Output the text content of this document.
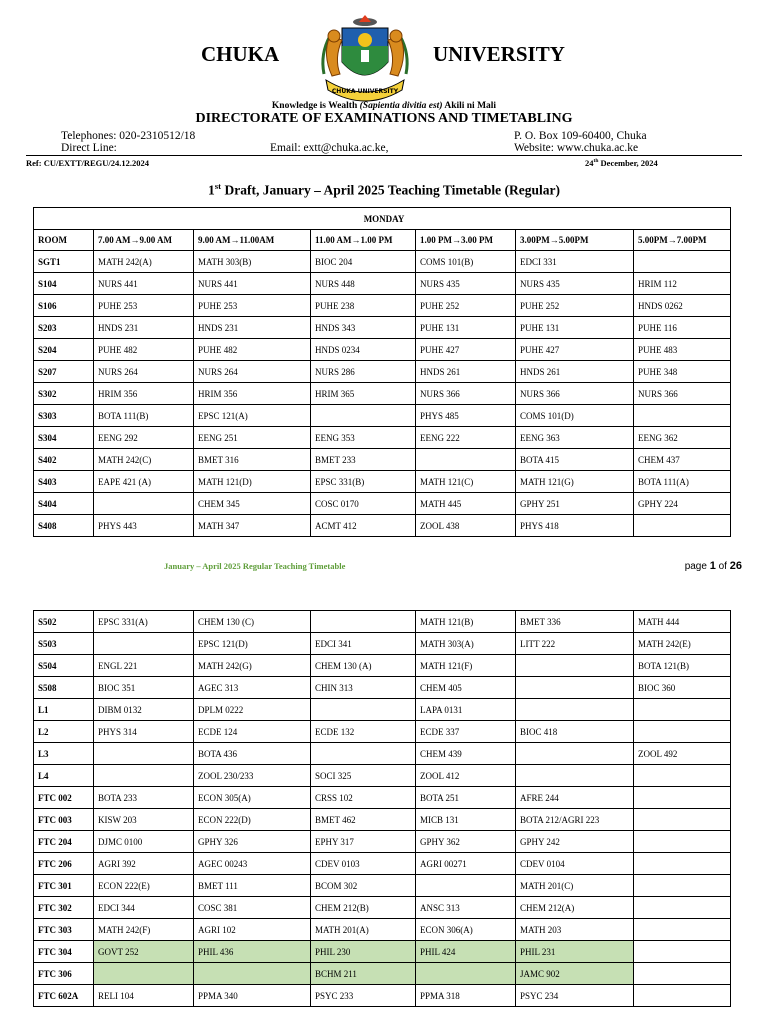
CHUKA
CHUKA UNIVERSITY
UNIVERSITY
Knowledge is Wealth (Sapientia divitia est) Akili ni Mali
DIRECTORATE OF EXAMINATIONS AND TIMETABLING
Telephones: 020-2310512/18
Direct Line:	Email: extt@chuka.ac.ke,
P. O. Box 109-60400, Chuka
Website: www.chuka.ac.ke
Ref: CU/EXTT/REGU/24.12.2024	24th December, 2024
1st Draft, January – April 2025 Teaching Timetable (Regular)
MONDAY						
ROOM	7.00 AM→9.00 AM	9.00 AM→11.00AM	11.00 AM→1.00 PM	1.00 PM→3.00 PM	3.00PM→5.00PM	5.00PM→7.00PM
SGT1	MATH 242(A)	MATH 303(B)	BIOC 204	COMS 101(B)	EDCI 331	
S104	NURS 441	NURS 441	NURS 448	NURS 435	NURS 435	HRIM 112
S106	PUHE 253	PUHE 253	PUHE 238	PUHE 252	PUHE 252	HNDS 0262
S203	HNDS 231	HNDS 231	HNDS 343	PUHE 131	PUHE 131	PUHE 116
S204	PUHE 482	PUHE 482	HNDS 0234	PUHE 427	PUHE 427	PUHE 483
S207	NURS 264	NURS 264	NURS 286	HNDS 261	HNDS 261	PUHE 348
S302	HRIM 356	HRIM 356	HRIM 365	NURS 366	NURS 366	NURS 366
S303	BOTA 111(B)	EPSC 121(A)		PHYS 485	COMS 101(D)	
S304	EENG 292	EENG 251	EENG 353	EENG 222	EENG 363	EENG 362
S402	MATH 242(C)	BMET 316	BMET 233		BOTA 415	CHEM 437
S403	EAPE 421 (A)	MATH 121(D)	EPSC 331(B)	MATH 121(C)	MATH 121(G)	BOTA 111(A)
S404		CHEM 345	COSC 0170	MATH 445	GPHY 251	GPHY 224
S408	PHYS 443	MATH 347	ACMT 412	ZOOL 438	PHYS 418	
January – April 2025 Regular Teaching Timetable	page 1 of 26
S502	EPSC 331(A)	CHEM 130 (C)		MATH 121(B)	BMET 336	MATH 444
S503		EPSC 121(D)	EDCI 341	MATH 303(A)	LITT 222	MATH 242(E)
S504	ENGL 221	MATH 242(G)	CHEM 130 (A)	MATH 121(F)		BOTA 121(B)
S508	BIOC 351	AGEC 313	CHIN 313	CHEM 405		BIOC 360
L1	DIBM 0132	DPLM 0222		LAPA 0131		
L2	PHYS 314	ECDE 124	ECDE 132	ECDE 337	BIOC 418	
L3		BOTA 436		CHEM 439		ZOOL 492
L4		ZOOL 230/233	SOCI 325	ZOOL 412		
FTC 002	BOTA 233	ECON 305(A)	CRSS 102	BOTA 251	AFRE 244	
FTC 003	KISW 203	ECON 222(D)	BMET 462	MICB 131	BOTA 212/AGRI 223	
FTC 204	DJMC 0100	GPHY 326	EPHY 317	GPHY 362	GPHY 242	
FTC 206	AGRI 392	AGEC 00243	CDEV 0103	AGRI 00271	CDEV 0104	
FTC 301	ECON 222(E)	BMET 111	BCOM 302		MATH 201(C)	
FTC 302	EDCI 344	COSC 381	CHEM 212(B)	ANSC 313	CHEM 212(A)	
FTC 303	MATH 242(F)	AGRI 102	MATH 201(A)	ECON 306(A)	MATH 203	
FTC 304	GOVT 252	PHIL 436	PHIL 230	PHIL 424	PHIL 231	
FTC 306			BCHM 211		JAMC 902	
FTC 602A	RELI 104	PPMA 340	PSYC 233	PPMA 318	PSYC 234	
